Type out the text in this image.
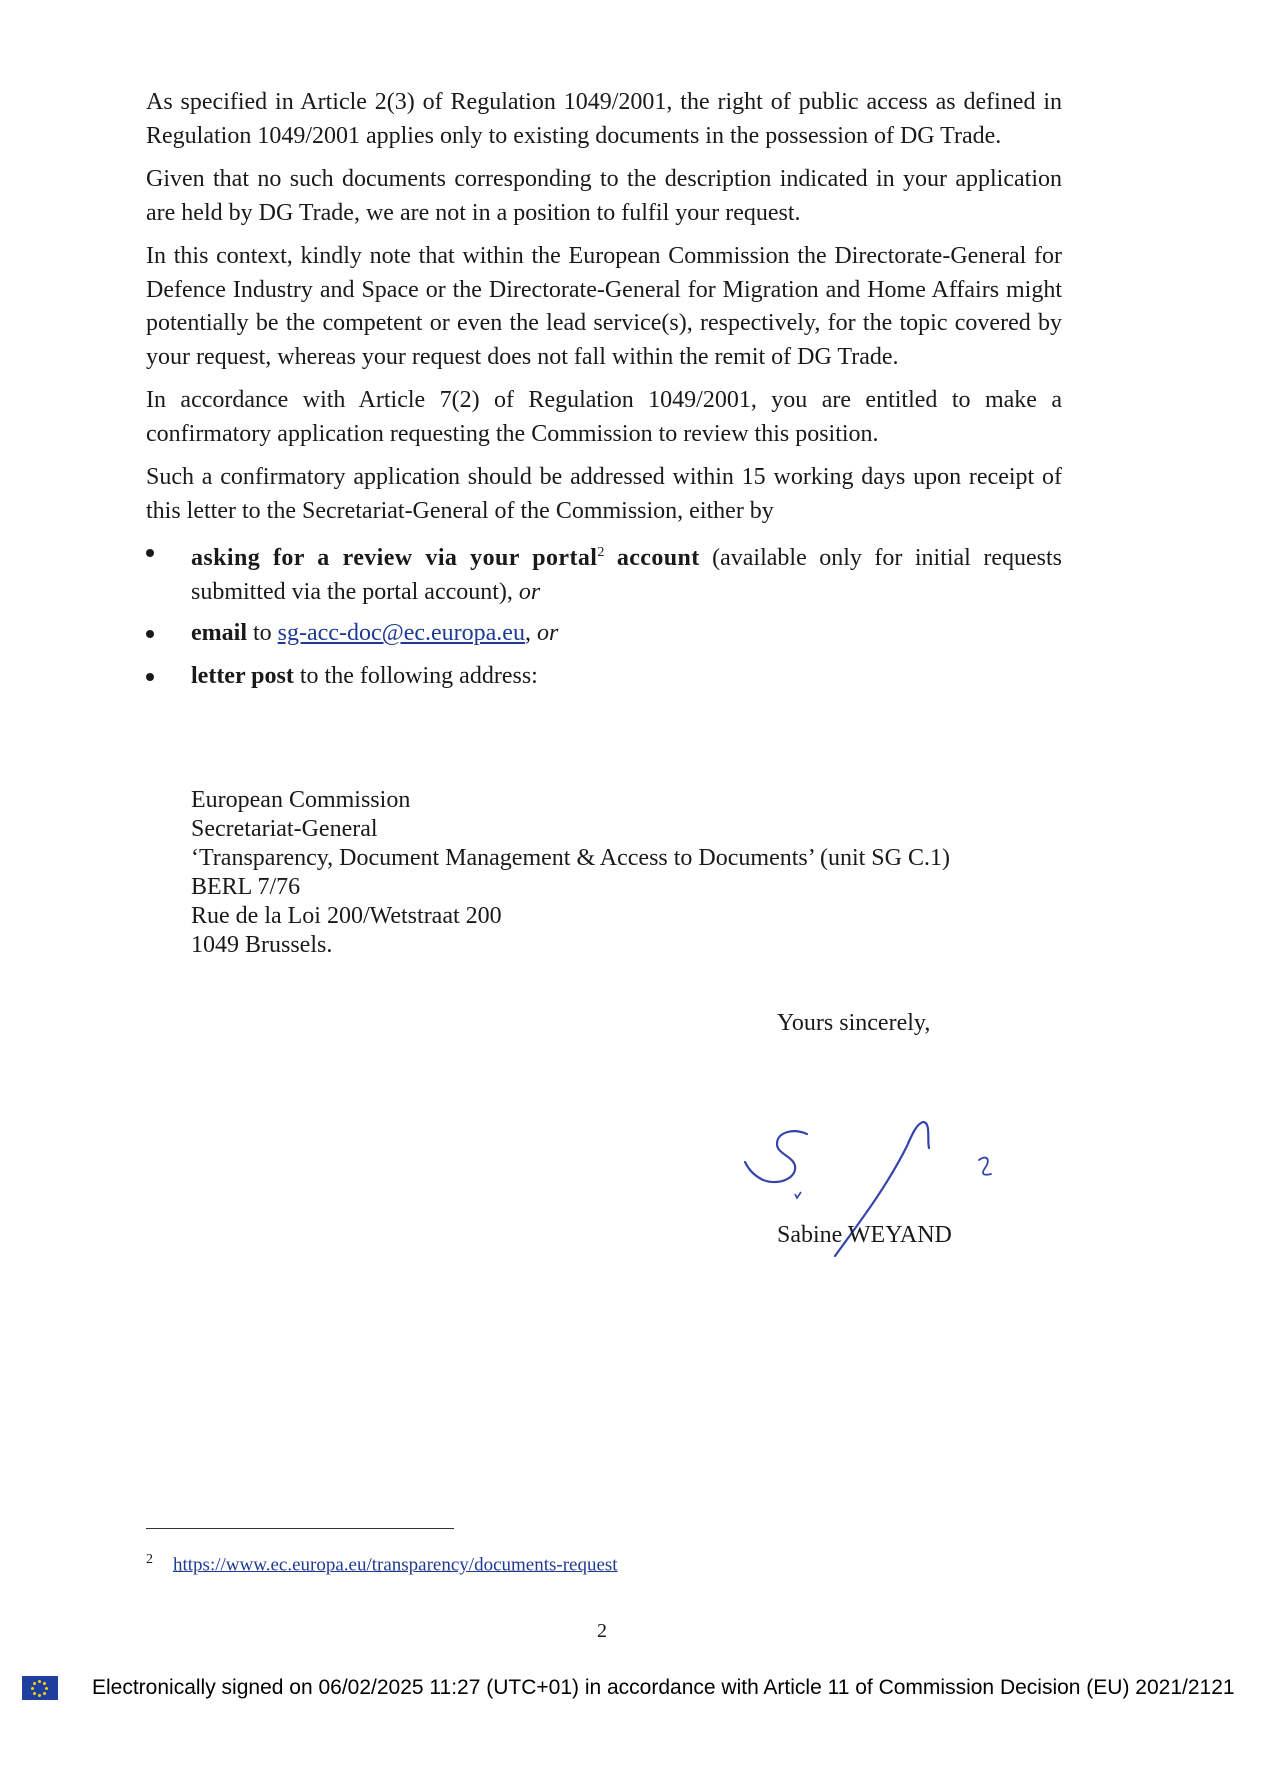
As specified in Article 2(3) of Regulation 1049/2001, the right of public access as defined in Regulation 1049/2001 applies only to existing documents in the possession of DG Trade.

Given that no such documents corresponding to the description indicated in your application are held by DG Trade, we are not in a position to fulfil your request.

In this context, kindly note that within the European Commission the Directorate-General for Defence Industry and Space or the Directorate-General for Migration and Home Affairs might potentially be the competent or even the lead service(s), respectively, for the topic covered by your request, whereas your request does not fall within the remit of DG Trade.

In accordance with Article 7(2) of Regulation 1049/2001, you are entitled to make a confirmatory application requesting the Commission to review this position.

Such a confirmatory application should be addressed within 15 working days upon receipt of this letter to the Secretariat-General of the Commission, either by

asking for a review via your portal$^2$ account (available only for initial requests submitted via the portal account), or
email to sg-acc-doc@ec.europa.eu, or
letter post to the following address:
European Commission
Secretariat-General
‘Transparency, Document Management & Access to Documents’ (unit SG C.1)
BERL 7/76
Rue de la Loi 200/Wetstraat 200
1049 Brussels.
Yours sincerely,
Sabine WEYAND
$^2$ https://www.ec.europa.eu/transparency/documents-request
2
Electronically signed on 06/02/2025 11:27 (UTC+01) in accordance with Article 11 of Commission Decision (EU) 2021/2121
